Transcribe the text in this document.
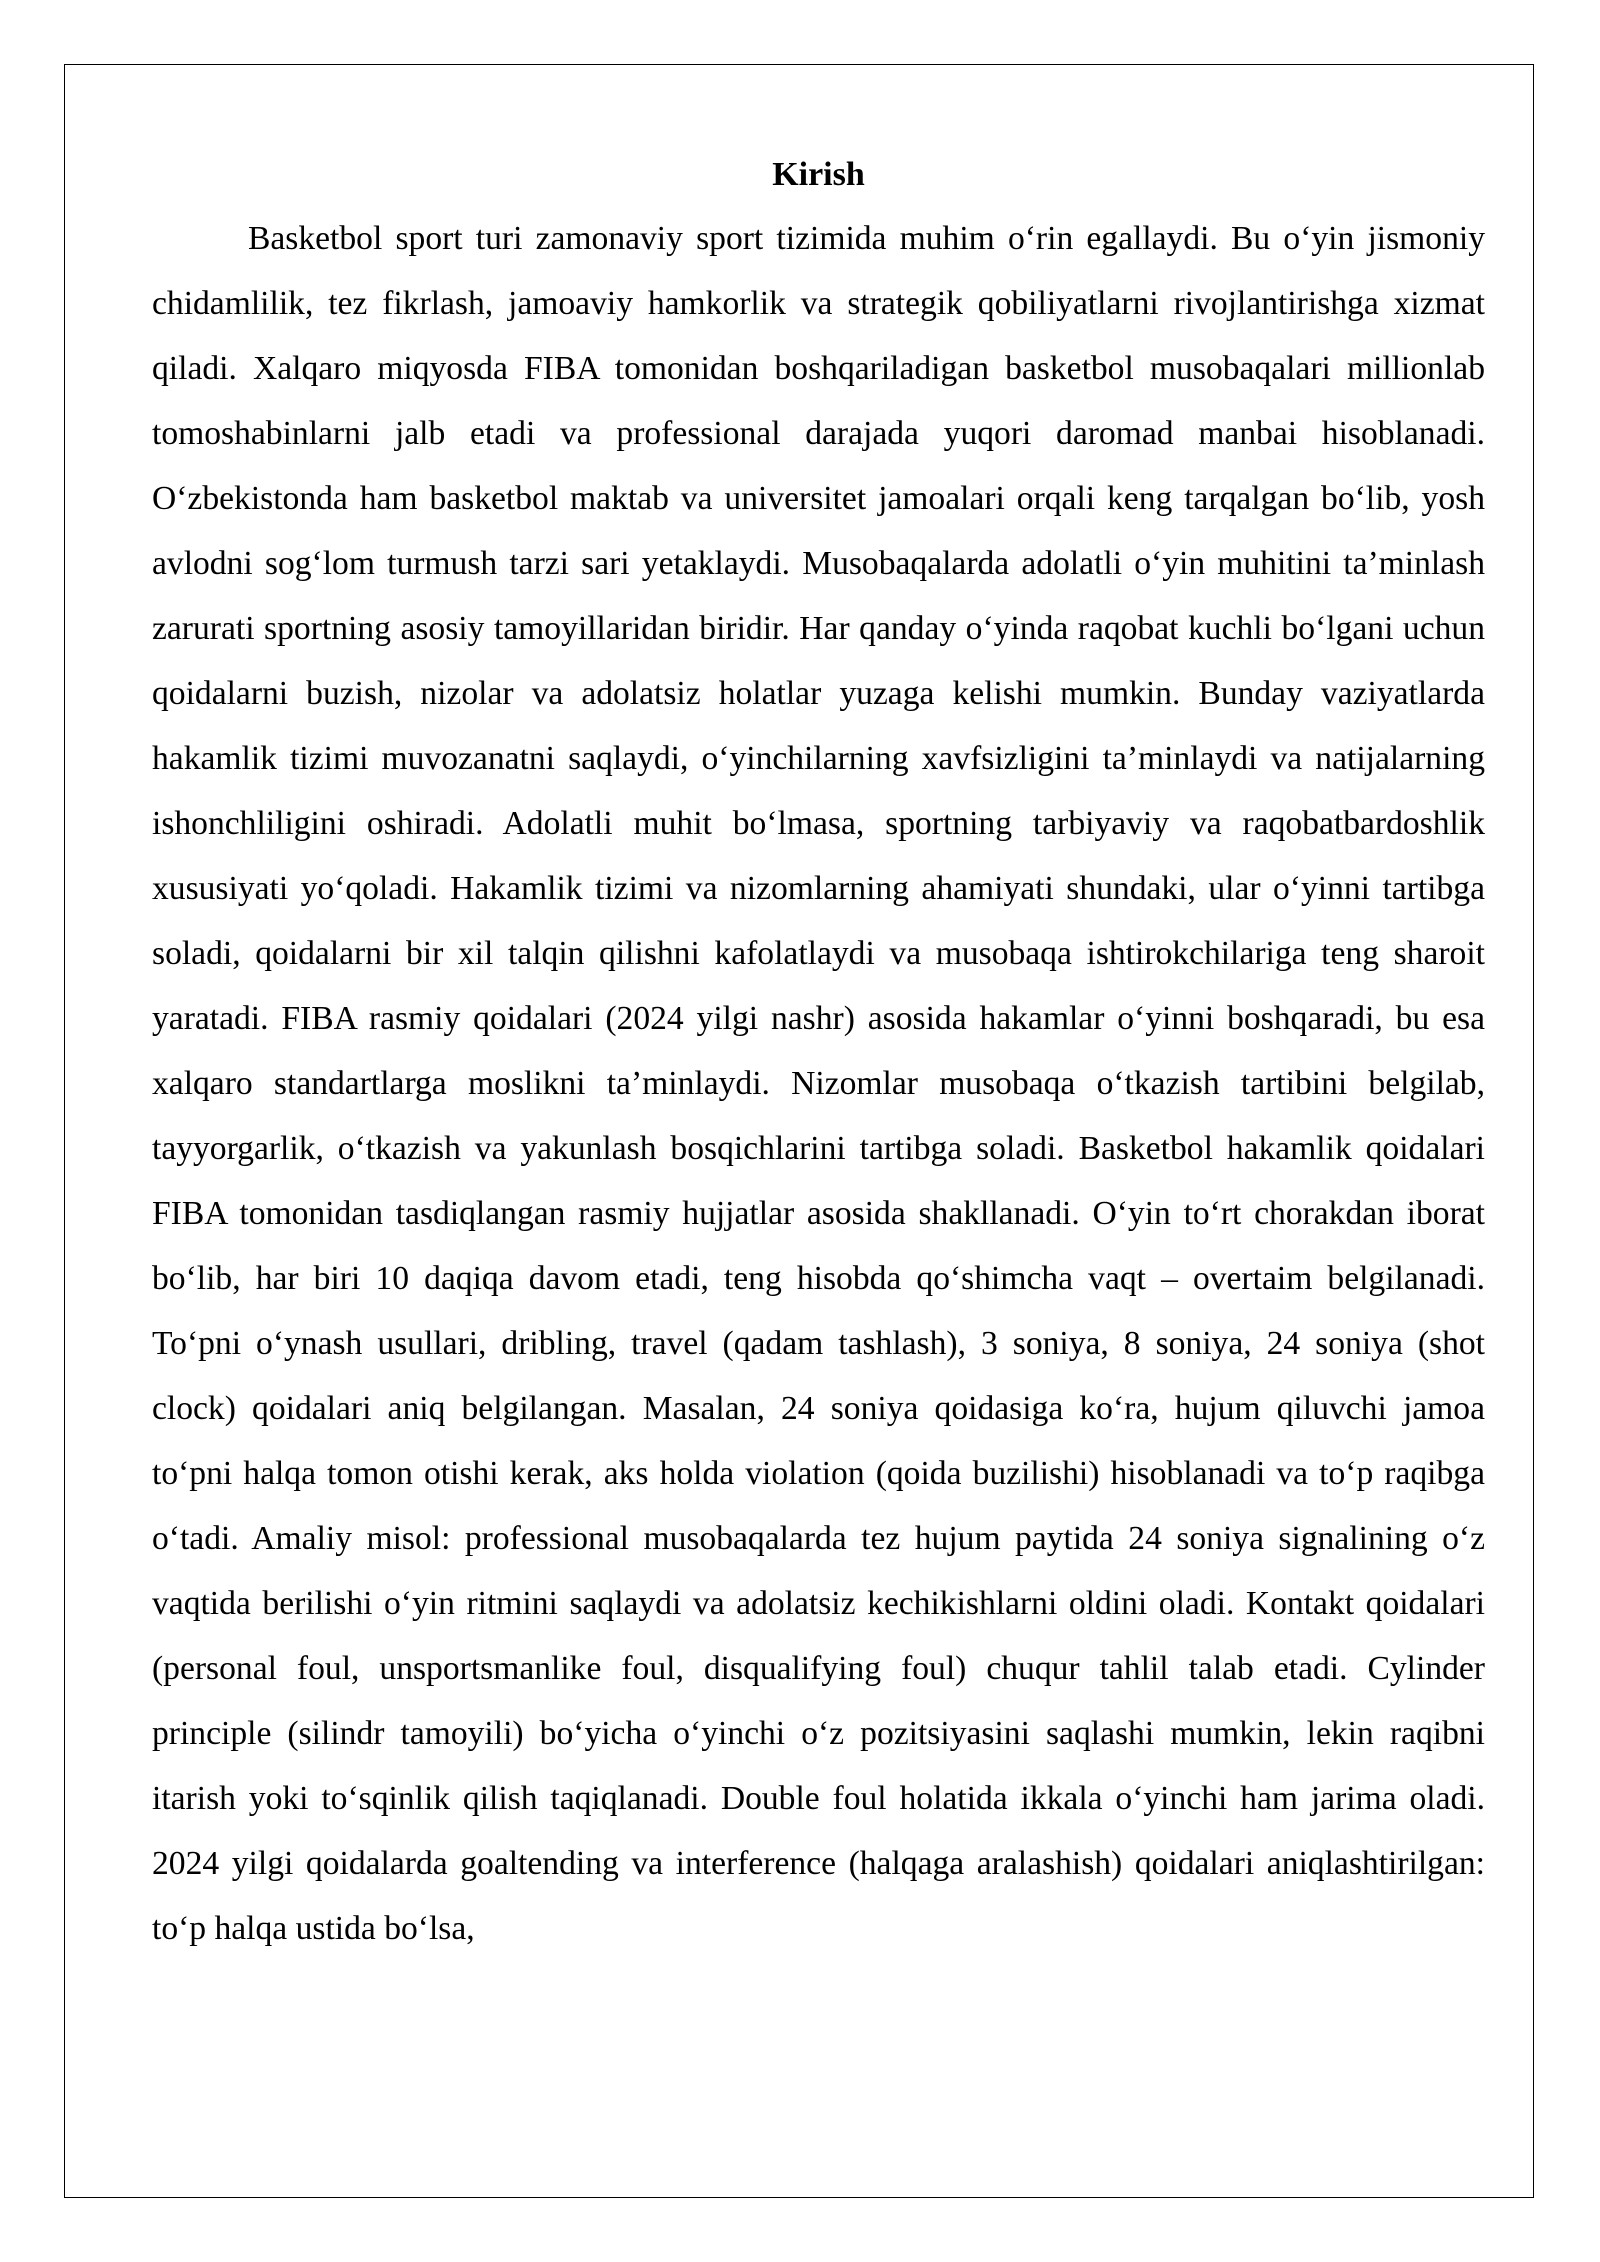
Kirish

Basketbol sport turi zamonaviy sport tizimida muhim o‘rin egallaydi. Bu o‘yin jismoniy chidamlilik, tez fikrlash, jamoaviy hamkorlik va strategik qobiliyatlarni rivojlantirishga xizmat qiladi. Xalqaro miqyosda FIBA tomonidan boshqariladigan basketbol musobaqalari millionlab tomoshabinlarni jalb etadi va professional darajada yuqori daromad manbai hisoblanadi. O‘zbekistonda ham basketbol maktab va universitet jamoalari orqali keng tarqalgan bo‘lib, yosh avlodni sog‘lom turmush tarzi sari yetaklaydi. Musobaqalarda adolatli o‘yin muhitini ta’minlash zarurati sportning asosiy tamoyillaridan biridir. Har qanday o‘yinda raqobat kuchli bo‘lgani uchun qoidalarni buzish, nizolar va adolatsiz holatlar yuzaga kelishi mumkin. Bunday vaziyatlarda hakamlik tizimi muvozanatni saqlaydi, o‘yinchilarning xavfsizligini ta’minlaydi va natijalarning ishonchliligini oshiradi. Adolatli muhit bo‘lmasa, sportning tarbiyaviy va raqobatbardoshlik xususiyati yo‘qoladi. Hakamlik tizimi va nizomlarning ahamiyati shundaki, ular o‘yinni tartibga soladi, qoidalarni bir xil talqin qilishni kafolatlaydi va musobaqa ishtirokchilariga teng sharoit yaratadi. FIBA rasmiy qoidalari (2024 yilgi nashr) asosida hakamlar o‘yinni boshqaradi, bu esa xalqaro standartlarga moslikni ta’minlaydi. Nizomlar musobaqa o‘tkazish tartibini belgilab, tayyorgarlik, o‘tkazish va yakunlash bosqichlarini tartibga soladi. Basketbol hakamlik qoidalari FIBA tomonidan tasdiqlangan rasmiy hujjatlar asosida shakllanadi. O‘yin to‘rt chorakdan iborat bo‘lib, har biri 10 daqiqa davom etadi, teng hisobda qo‘shimcha vaqt – overtaim belgilanadi. To‘pni o‘ynash usullari, dribling, travel (qadam tashlash), 3 soniya, 8 soniya, 24 soniya (shot clock) qoidalari aniq belgilangan. Masalan, 24 soniya qoidasiga ko‘ra, hujum qiluvchi jamoa to‘pni halqa tomon otishi kerak, aks holda violation (qoida buzilishi) hisoblanadi va to‘p raqibga o‘tadi. Amaliy misol: professional musobaqalarda tez hujum paytida 24 soniya signalining o‘z vaqtida berilishi o‘yin ritmini saqlaydi va adolatsiz kechikishlarni oldini oladi. Kontakt qoidalari (personal foul, unsportsmanlike foul, disqualifying foul) chuqur tahlil talab etadi. Cylinder principle (silindr tamoyili) bo‘yicha o‘yinchi o‘z pozitsiyasini saqlashi mumkin, lekin raqibni itarish yoki to‘sqinlik qilish taqiqlanadi. Double foul holatida ikkala o‘yinchi ham jarima oladi. 2024 yilgi qoidalarda goaltending va interference (halqaga aralashish) qoidalari aniqlashtirilgan: to‘p halqa ustida bo‘lsa,
